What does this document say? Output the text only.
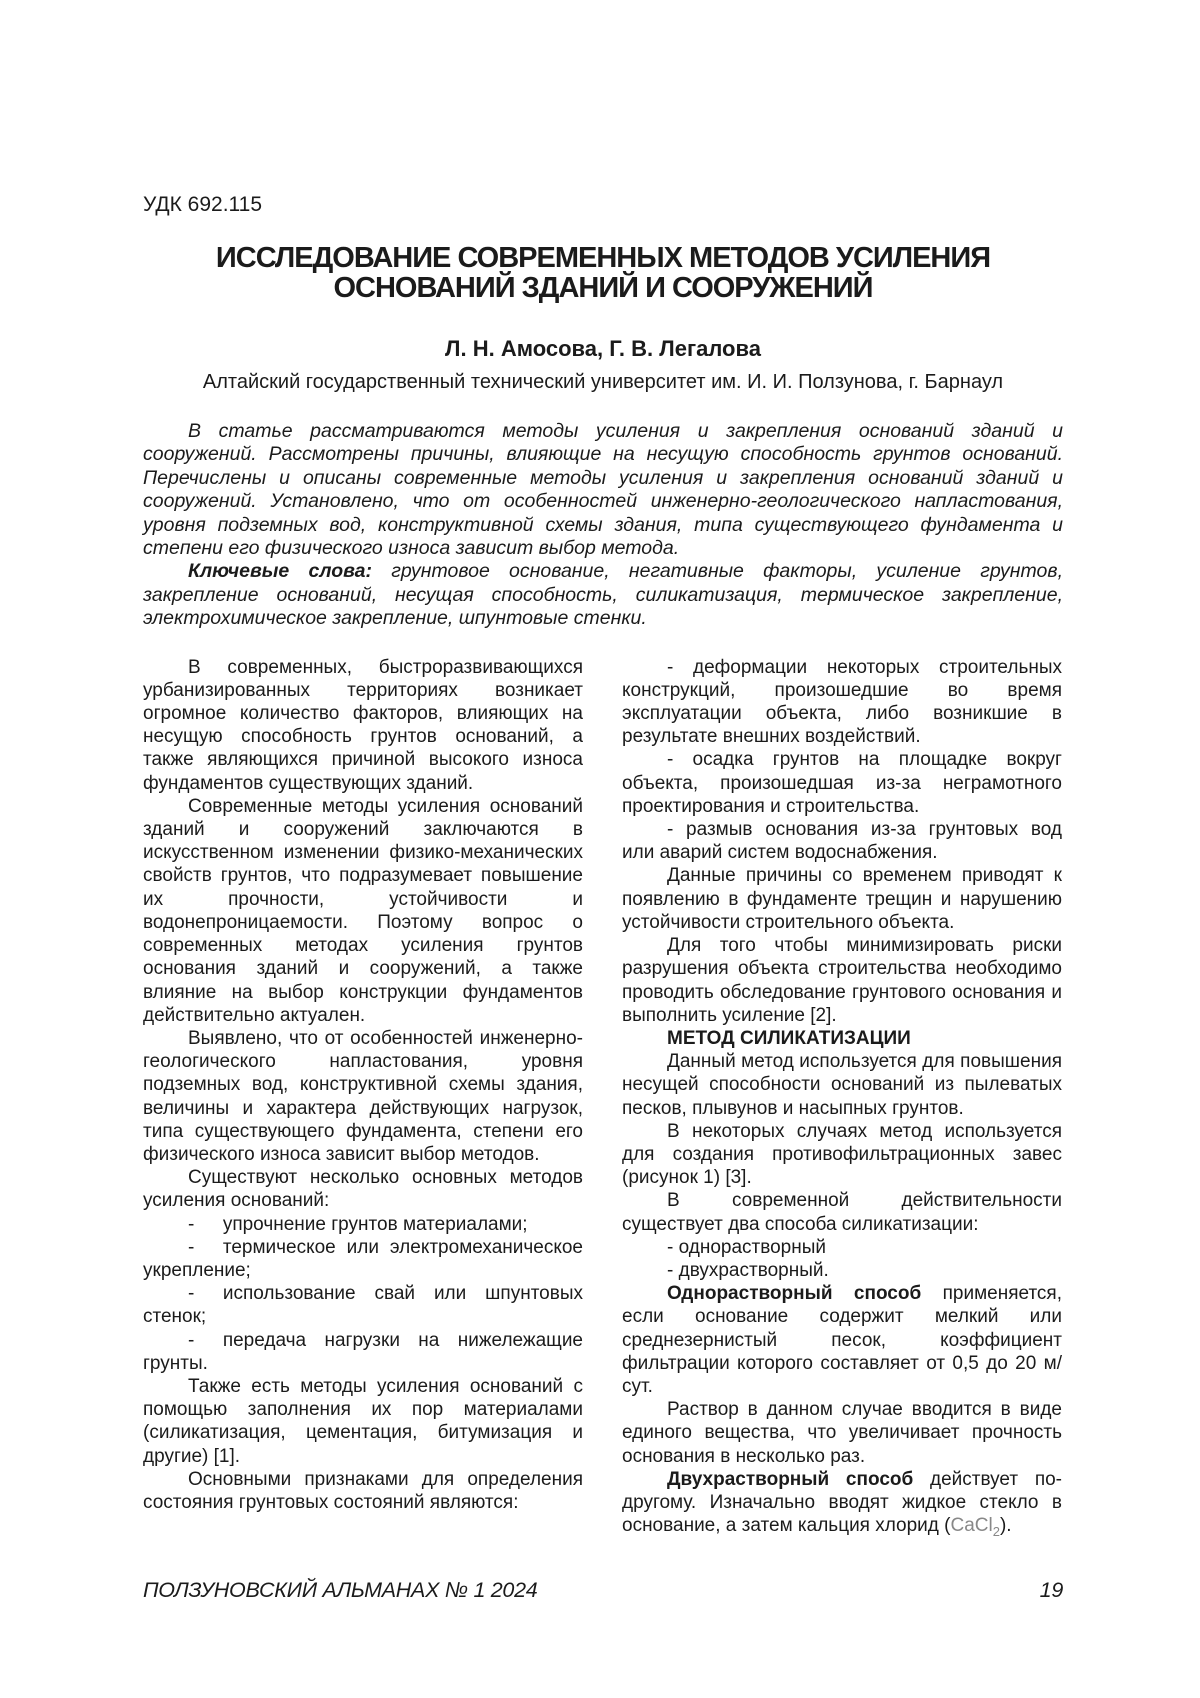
УДК 692.115
ИССЛЕДОВАНИЕ СОВРЕМЕННЫХ МЕТОДОВ УСИЛЕНИЯ
ОСНОВАНИЙ ЗДАНИЙ И СООРУЖЕНИЙ
Л. Н. Амосова, Г. В. Легалова
Алтайский государственный технический университет им. И. И. Ползунова, г. Барнаул

В статье рассматриваются методы усиления и закрепления оснований зданий и сооружений. Рассмотрены причины, влияющие на несущую способность грунтов оснований. Перечислены и описаны современные методы усиления и закрепления оснований зданий и сооружений. Установлено, что от особенностей инженерно-геологического напластования, уровня подземных вод, конструктивной схемы здания, типа существующего фундамента и степени его физического износа зависит выбор метода.

Ключевые слова: грунтовое основание, негативные факторы, усиление грунтов, закрепление оснований, несущая способность, силикатизация, термическое закрепление, электрохимическое закрепление, шпунтовые стенки.

В современных, быстроразвивающихся урбанизированных территориях возникает огромное количество факторов, влияющих на несущую способность грунтов оснований, а также являющихся причиной высокого износа фундаментов существующих зданий.

Современные методы усиления оснований зданий и сооружений заключаются в искусственном изменении физико-механических свойств грунтов, что подразумевает повышение их прочности, устойчивости и водонепроницаемости. Поэтому вопрос о современных методах усиления грунтов основания зданий и сооружений, а также влияние на выбор конструкции фундаментов действительно актуален.

Выявлено, что от особенностей инженерно-геологического напластования, уровня подземных вод, конструктивной схемы здания, величины и характера действующих нагрузок, типа существующего фундамента, степени его физического износа зависит выбор методов.

Существуют несколько основных методов усиления оснований:

-  упрочнение грунтов материалами;

-  термическое или электромеханическое укрепление;

-  использование свай или шпунтовых стенок;

-  передача нагрузки на нижележащие грунты.

Также есть методы усиления оснований с помощью заполнения их пор материалами (силикатизация, цементация, битумизация и другие) [1].

Основными признаками для определения состояния грунтовых состояний являются:

- деформации некоторых строительных конструкций, произошедшие во время эксплуатации объекта, либо возникшие в результате внешних воздействий.

- осадка грунтов на площадке вокруг объекта, произошедшая из-за неграмотного проектирования и строительства.

- размыв основания из-за грунтовых вод или аварий систем водоснабжения.

Данные причины со временем приводят к появлению в фундаменте трещин и нарушению устойчивости строительного объекта.

Для того чтобы минимизировать риски разрушения объекта строительства необходимо проводить обследование грунтового основания и выполнить усиление [2].

МЕТОД СИЛИКАТИЗАЦИИ

Данный метод используется для повышения несущей способности оснований из пылеватых песков, плывунов и насыпных грунтов.

В некоторых случаях метод используется для создания противофильтрационных завес (рисунок 1) [3].

В современной действительности существует два способа силикатизации:

- однорастворный

- двухрастворный.

Однорастворный способ применяется, если основание содержит мелкий или среднезернистый песок, коэффициент фильтрации которого составляет от 0,5 до 20 м/сут.

Раствор в данном случае вводится в виде единого вещества, что увеличивает прочность основания в несколько раз.

Двухрастворный способ действует по-другому. Изначально вводят жидкое стекло в основание, а затем кальция хлорид (CaCl$_2$).

ПОЛЗУНОВСКИЙ АЛЬМАНАХ № 1 2024	19
